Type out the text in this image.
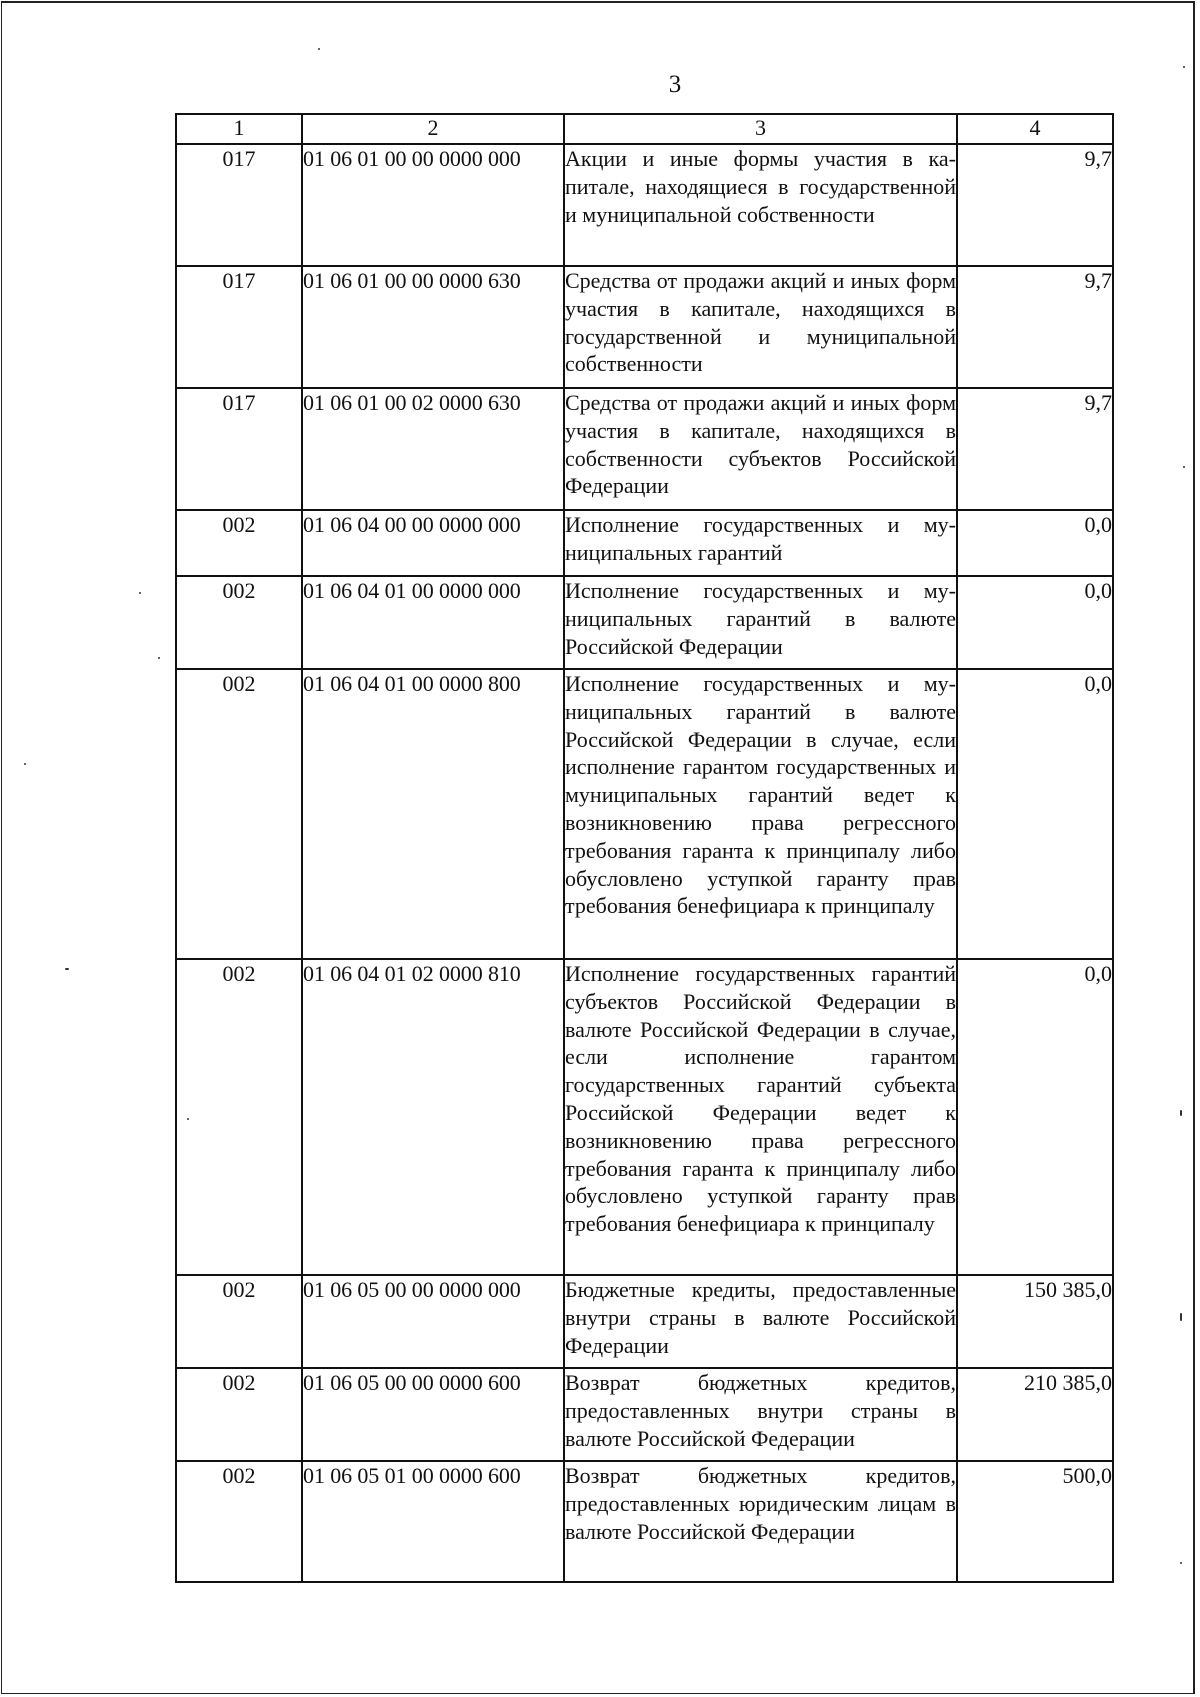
3
1	2	3	4
017	01 06 01 00 00 0000 000	Акции и иные формы участия в капитале, находящиеся в государственной и муниципальной собственности	9,7
017	01 06 01 00 00 0000 630	Средства от продажи акций и иных форм участия в капитале, находящихся в государственной и муниципальной собственности	9,7
017	01 06 01 00 02 0000 630	Средства от продажи акций и иных форм участия в капитале, находящихся в собственности субъектов Российской Федерации	9,7
002	01 06 04 00 00 0000 000	Исполнение государственных и муниципальных гарантий	0,0
002	01 06 04 01 00 0000 000	Исполнение государственных и муниципальных гарантий в валюте Российской Федерации	0,0
002	01 06 04 01 00 0000 800	Исполнение государственных и муниципальных гарантий в валюте Российской Федерации в случае, если исполнение гарантом государственных и муниципальных гарантий ведет к возникновению права регрессного требования гаранта к принципалу либо обусловлено уступкой гаранту прав требования бенефициара к принципалу	0,0
002	01 06 04 01 02 0000 810	Исполнение государственных гарантий субъектов Российской Федерации в валюте Российской Федерации в случае, если исполнение гарантом государственных гарантий субъекта Российской Федерации ведет к возникновению права регрессного требования гаранта к принципалу либо обусловлено уступкой гаранту прав требования бенефициара к принципалу	0,0
002	01 06 05 00 00 0000 000	Бюджетные кредиты, предоставленные внутри страны в валюте Российской Федерации	150 385,0
002	01 06 05 00 00 0000 600	Возврат бюджетных кредитов, предоставленных внутри страны в валюте Российской Федерации	210 385,0
002	01 06 05 01 00 0000 600	Возврат бюджетных кредитов, предоставленных юридическим лицам в валюте Российской Федерации	500,0
